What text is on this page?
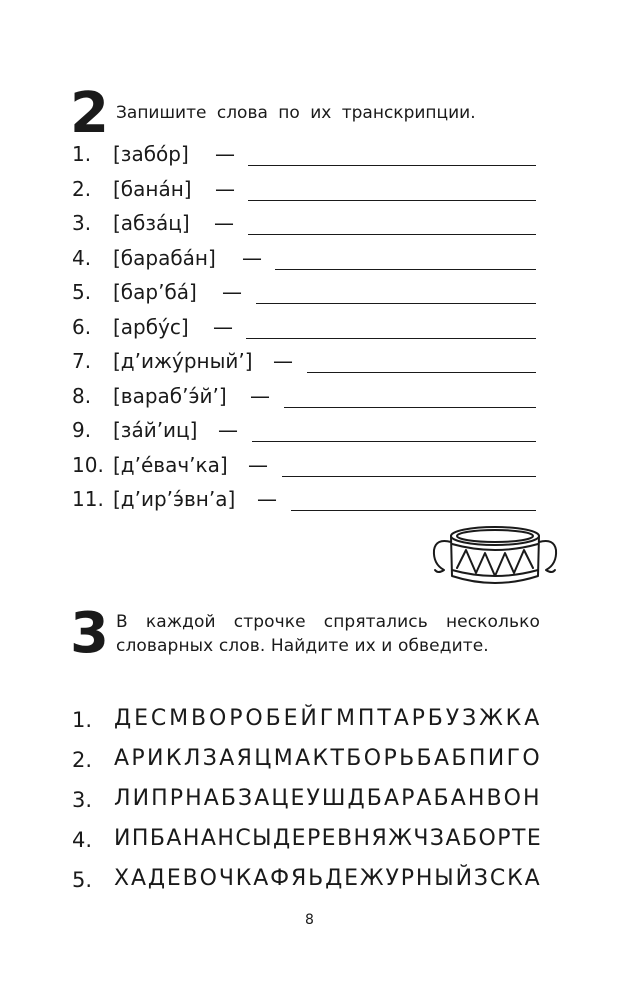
2 Запишите слова по их транскрипции.
1. [забо́р] —
2. [бана́н] —
3. [абза́ц] —
4. [бараба́н] —
5. [бар’ба́] —
6. [арбу́с] —
7. [д’ижу́рный’] —
8. [вараб’э́й’] —
9. [за́й’иц] —
10. [д’е́вач’ка] —
11. [д’ир’э́вн’а] —
3 В каждой строчке спрятались несколько словарных слов. Найдите их и обведите.
1. ДЕСМВОРОБЕЙГМПТАРБУЗЖКА
2. АРИКЛЗАЯЦМАКТБОРЬБАБПИГО
3. ЛИПРНАБЗАЦЕУШДБАРАБАНВОН
4. ИПБАНАНСЫДЕРЕВНЯЖЧЗАБОРТЕ
5. ХАДЕВОЧКАФЯЬДЕЖУРНЫЙЗСКА
8
